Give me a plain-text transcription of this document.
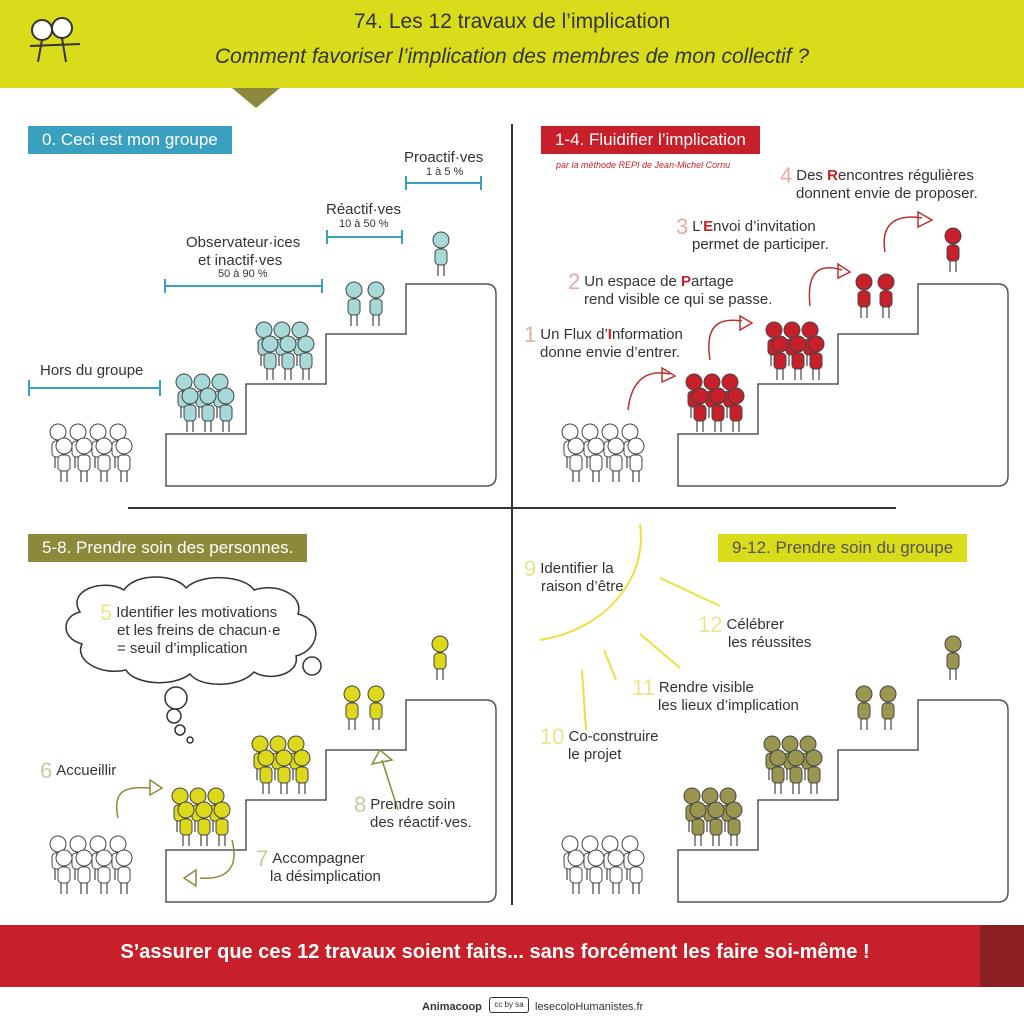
74. Les 12 travaux de l’implication
Comment favoriser l’implication des membres de mon collectif ?
0. Ceci est mon groupe
Hors du groupe
Observateur·ices
et inactif·ves
50 à 90 %
Réactif·ves
10 à 50 %
Proactif·ves
1 à 5 %
1-4. Fluidifier l’implication
par la méthode REPI de Jean-Michel Cornu
1 Un Flux d’Information
donne envie d’entrer.
2 Un espace de Partage
rend visible ce qui se passe.
3 L’Envoi d’invitation
permet de participer.
4 Des Rencontres régulières
donnent envie de proposer.
5-8. Prendre soin des personnes.
5 Identifier les motivations
et les freins de chacun·e
= seuil d’implication
6 Accueillir
7 Accompagner
la désimplication
8 Prendre soin
des réactif·ves.
9-12. Prendre soin du groupe
9 Identifier la
raison d’être
10 Co-construire
le projet
11 Rendre visible
les lieux d’implication
12 Célébrer
les réussites
S’assurer que ces 12 travaux soient faits... sans forcément les faire soi-même !
Animacoop	cc by sa	lesecoloHumanistes.fr
